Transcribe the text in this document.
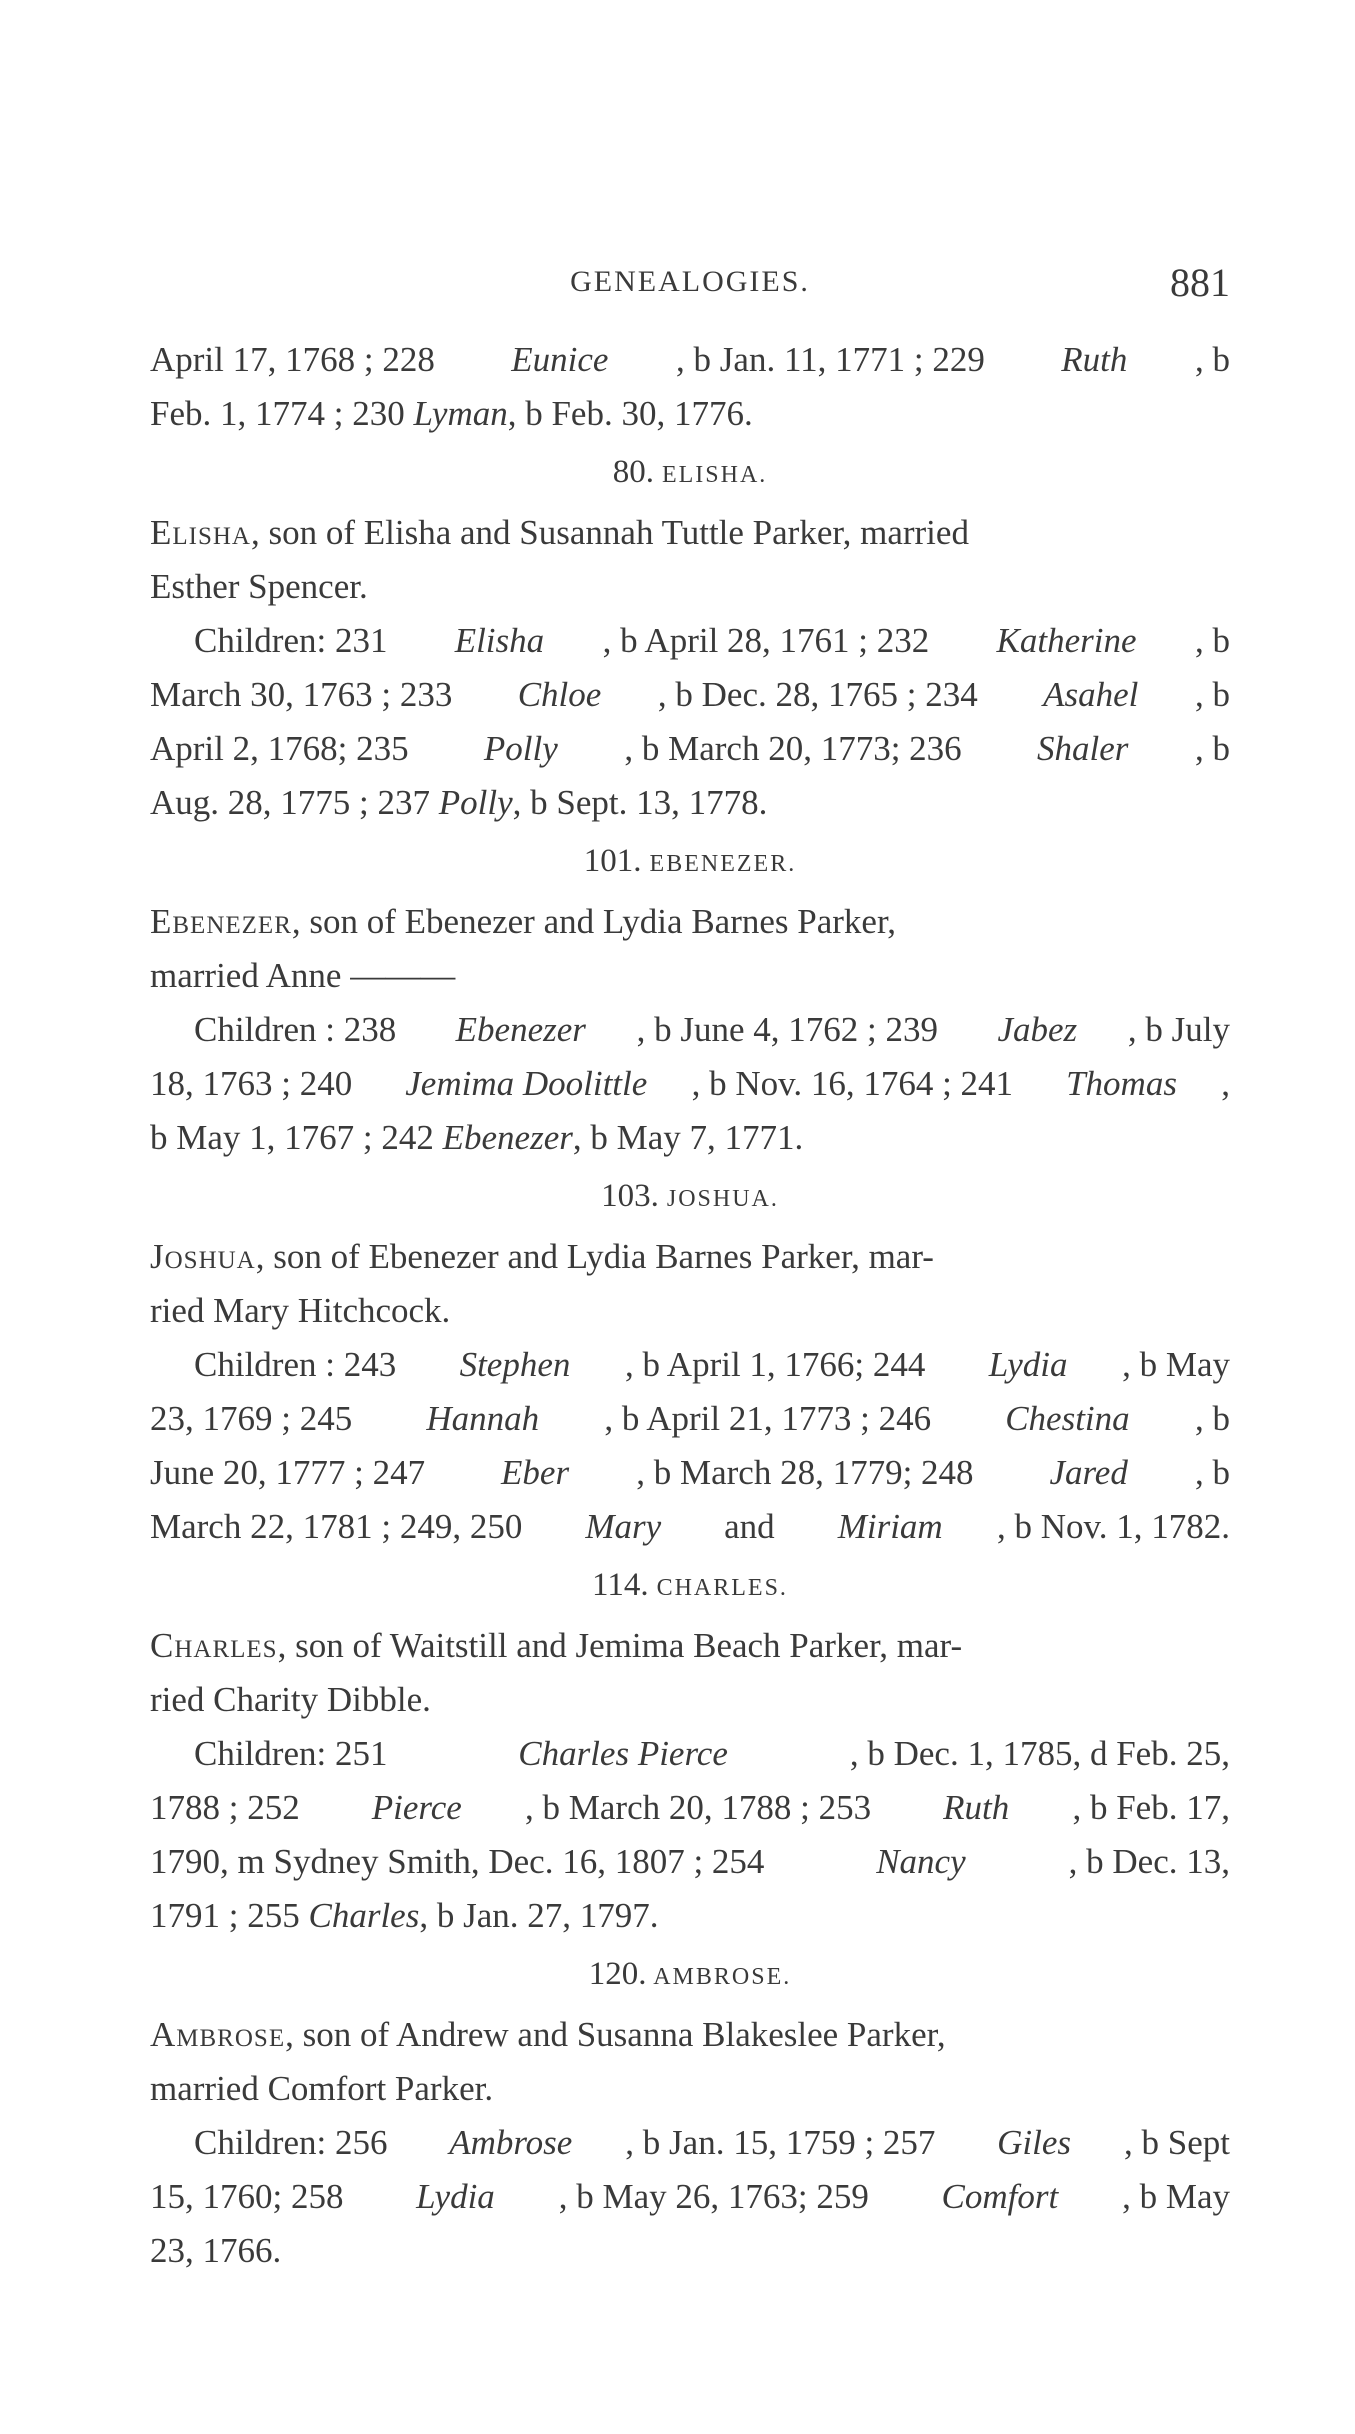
GENEALOGIES.	881
April 17, 1768 ; 228 Eunice , b Jan. 11, 1771 ; 229 Ruth , b
Feb. 1, 1774 ; 230 Lyman, b Feb. 30, 1776.
80. ELISHA.
Elisha, son of Elisha and Susannah Tuttle Parker, married
Esther Spencer.
Children: 231 Elisha , b April 28, 1761 ; 232 Katherine , b
March 30, 1763 ; 233 Chloe , b Dec. 28, 1765 ; 234 Asahel , b
April 2, 1768; 235 Polly , b March 20, 1773; 236 Shaler , b
Aug. 28, 1775 ; 237 Polly, b Sept. 13, 1778.
101. EBENEZER.
Ebenezer, son of Ebenezer and Lydia Barnes Parker,
married Anne ———
Children : 238 Ebenezer , b June 4, 1762 ; 239 Jabez , b July
18, 1763 ; 240 Jemima Doolittle , b Nov. 16, 1764 ; 241 Thomas ,
b May 1, 1767 ; 242 Ebenezer, b May 7, 1771.
103. JOSHUA.
Joshua, son of Ebenezer and Lydia Barnes Parker, mar-
ried Mary Hitchcock.
Children : 243 Stephen , b April 1, 1766; 244 Lydia , b May
23, 1769 ; 245 Hannah , b April 21, 1773 ; 246 Chestina , b
June 20, 1777 ; 247 Eber , b March 28, 1779; 248 Jared , b
March 22, 1781 ; 249, 250 Mary and Miriam , b Nov. 1, 1782.
114. CHARLES.
Charles, son of Waitstill and Jemima Beach Parker, mar-
ried Charity Dibble.
Children: 251	Charles Pierce	, b Dec. 1, 1785, d Feb. 25,
1788 ; 252 Pierce , b March 20, 1788 ; 253 Ruth , b Feb. 17,
1790, m Sydney Smith, Dec. 16, 1807 ; 254	Nancy	, b Dec. 13,
1791 ; 255 Charles, b Jan. 27, 1797.
120. AMBROSE.
Ambrose, son of Andrew and Susanna Blakeslee Parker,
married Comfort Parker.
Children: 256 Ambrose , b Jan. 15, 1759 ; 257 Giles , b Sept
15, 1760; 258 Lydia , b May 26, 1763; 259 Comfort , b May
23, 1766.
